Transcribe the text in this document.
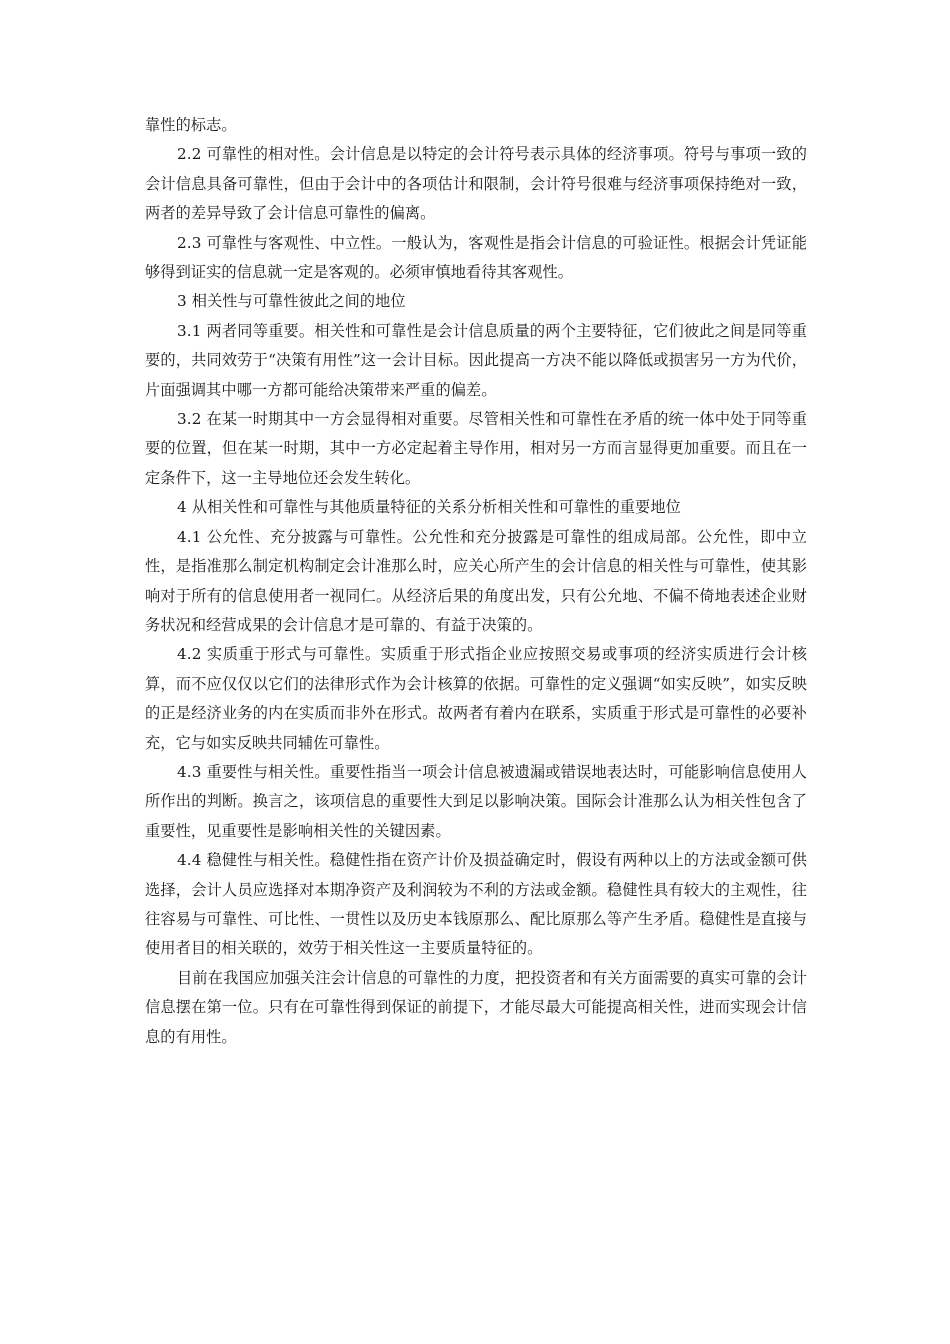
靠性的标志。

2.2 可靠性的相对性。会计信息是以特定的会计符号表示具体的经济事项。符号与事项一致的会计信息具备可靠性，但由于会计中的各项估计和限制，会计符号很难与经济事项保持绝对一致，两者的差异导致了会计信息可靠性的偏离。

2.3 可靠性与客观性、中立性。一般认为，客观性是指会计信息的可验证性。根据会计凭证能够得到证实的信息就一定是客观的。必须审慎地看待其客观性。

3 相关性与可靠性彼此之间的地位

3.1 两者同等重要。相关性和可靠性是会计信息质量的两个主要特征，它们彼此之间是同等重要的，共同效劳于“决策有用性”这一会计目标。因此提高一方决不能以降低或损害另一方为代价，片面强调其中哪一方都可能给决策带来严重的偏差。

3.2 在某一时期其中一方会显得相对重要。尽管相关性和可靠性在矛盾的统一体中处于同等重要的位置，但在某一时期，其中一方必定起着主导作用，相对另一方而言显得更加重要。而且在一定条件下，这一主导地位还会发生转化。

4 从相关性和可靠性与其他质量特征的关系分析相关性和可靠性的重要地位

4.1 公允性、充分披露与可靠性。公允性和充分披露是可靠性的组成局部。公允性，即中立性，是指准那么制定机构制定会计准那么时，应关心所产生的会计信息的相关性与可靠性，使其影响对于所有的信息使用者一视同仁。从经济后果的角度出发，只有公允地、不偏不倚地表述企业财务状况和经营成果的会计信息才是可靠的、有益于决策的。

4.2 实质重于形式与可靠性。实质重于形式指企业应按照交易或事项的经济实质进行会计核算，而不应仅仅以它们的法律形式作为会计核算的依据。可靠性的定义强调“如实反映”，如实反映的正是经济业务的内在实质而非外在形式。故两者有着内在联系，实质重于形式是可靠性的必要补充，它与如实反映共同辅佐可靠性。

4.3 重要性与相关性。重要性指当一项会计信息被遗漏或错误地表达时，可能影响信息使用人所作出的判断。换言之，该项信息的重要性大到足以影响决策。国际会计准那么认为相关性包含了重要性，见重要性是影响相关性的关键因素。

4.4 稳健性与相关性。稳健性指在资产计价及损益确定时，假设有两种以上的方法或金额可供选择，会计人员应选择对本期净资产及利润较为不利的方法或金额。稳健性具有较大的主观性，往往容易与可靠性、可比性、一贯性以及历史本钱原那么、配比原那么等产生矛盾。稳健性是直接与使用者目的相关联的，效劳于相关性这一主要质量特征的。

目前在我国应加强关注会计信息的可靠性的力度，把投资者和有关方面需要的真实可靠的会计信息摆在第一位。只有在可靠性得到保证的前提下，才能尽最大可能提高相关性，进而实现会计信息的有用性。
